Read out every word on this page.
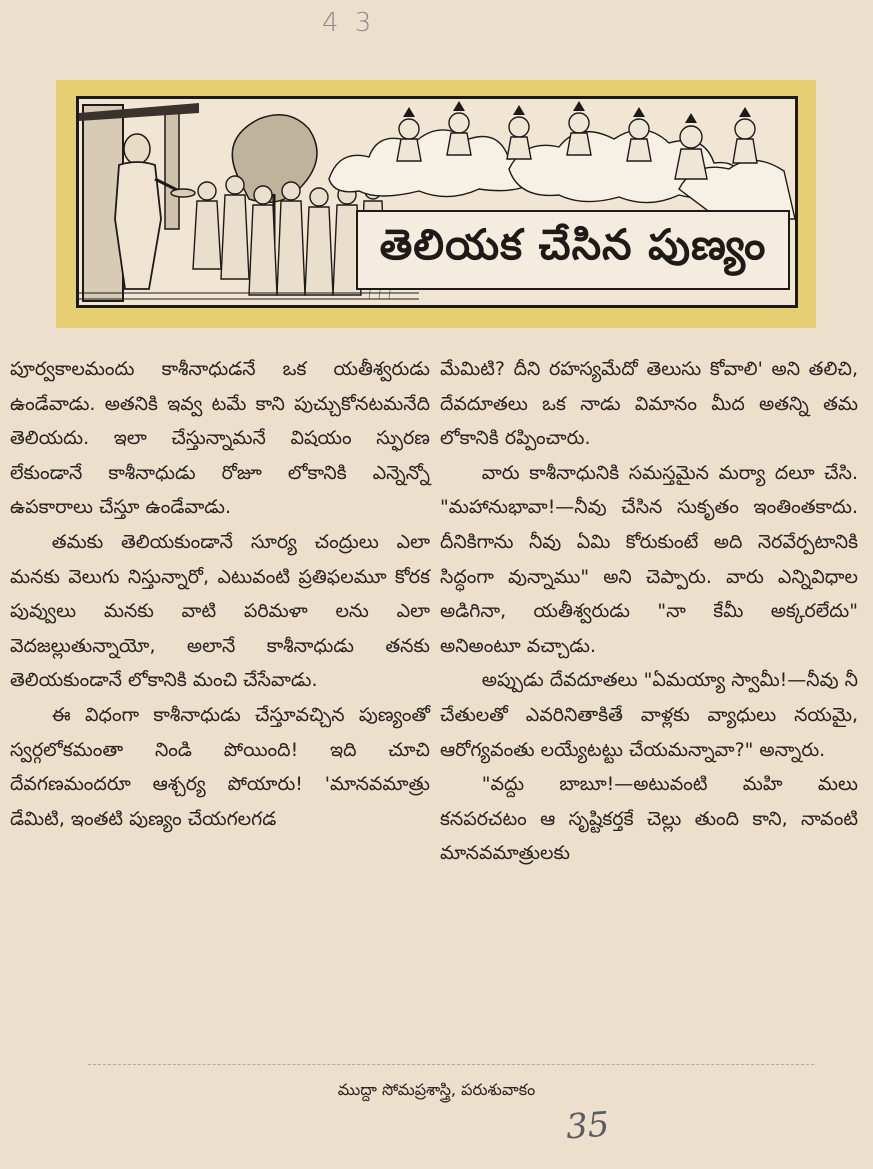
4 3
తెలియక చేసిన పుణ్యం

పూర్వకాలమందు కాశీనాధుడనే ఒక యతీశ్వరుడు ఉండేవాడు. అతనికి ఇవ్వ టమే కాని పుచ్చుకోనటమనేది తెలియదు. ఇలా చేస్తున్నామనే విషయం స్ఫురణ లేకుండానే కాశీనాధుడు రోజూ లోకానికి ఎన్నెన్నో ఉపకారాలు చేస్తూ ఉండేవాడు.

తమకు తెలియకుండానే సూర్య చంద్రులు ఎలా మనకు వెలుగు నిస్తున్నారో, ఎటువంటి ప్రతిఫలమూ కోరక పువ్వులు మనకు వాటి పరిమళా లను ఎలా వెదజల్లుతున్నాయో, అలానే కాశీనాధుడు తనకు తెలియకుండానే లోకానికి మంచి చేసేవాడు.

ఈ విధంగా కాశీనాధుడు చేస్తూవచ్చిన పుణ్యంతో స్వర్గలోకమంతా నిండి పోయింది! ఇది చూచి దేవగణమందరూ ఆశ్చర్య పోయారు! 'మానవమాత్రు డేమిటి, ఇంతటి పుణ్యం చేయగలగడ

మేమిటి? దీని రహస్యమేదో తెలుసు కోవాలి' అని తలిచి, దేవదూతలు ఒక నాడు విమానం మీద అతన్ని తమ లోకానికి రప్పించారు.

వారు కాశీనాధునికి సమస్తమైన మర్యా దలూ చేసి. "మహానుభావా!—నీవు చేసిన సుకృతం ఇంతింతకాదు. దీనికిగాను నీవు ఏమి కోరుకుంటే అది నెరవేర్పటానికి సిద్ధంగా వున్నాము" అని చెప్పారు. వారు ఎన్నివిధాల అడిగినా, యతీశ్వరుడు "నా కేమీ అక్కరలేదు" అనిఅంటూ వచ్చాడు.

అప్పుడు దేవదూతలు "ఏమయ్యా స్వామీ!—నీవు నీ చేతులతో ఎవరినితాకితే వాళ్లకు వ్యాధులు నయమై, ఆరోగ్యవంతు లయ్యేటట్టు చేయమన్నావా?" అన్నారు.

"వద్దు బాబూ!—అటువంటి మహి మలు కనపరచటం ఆ సృష్టికర్తకే చెల్లు తుంది కాని, నావంటి మానవమాత్రులకు

ముద్దా సోమప్రశాస్త్రి, పరుశువాకం
35
